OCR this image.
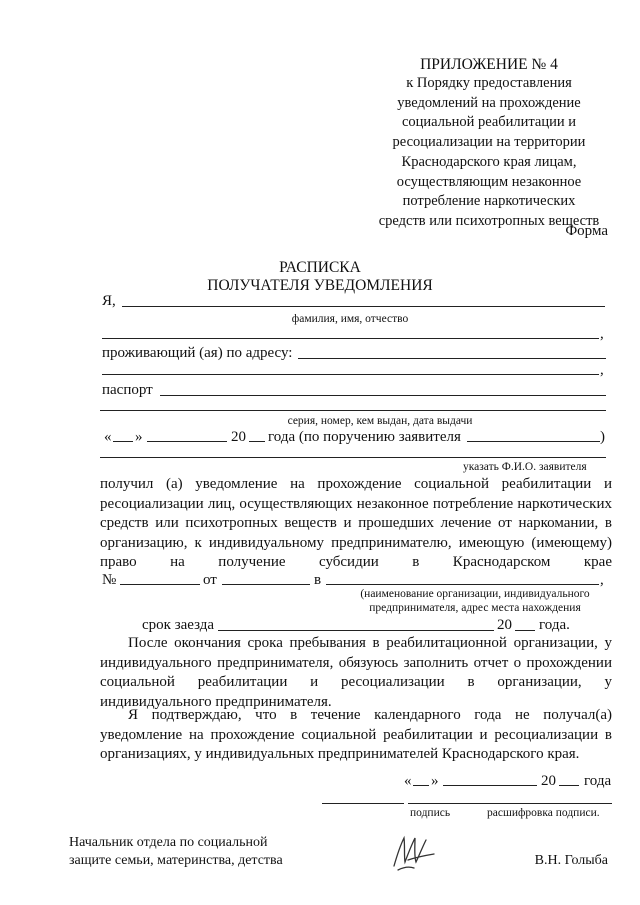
ПРИЛОЖЕНИЕ № 4
к Порядку предоставления
уведомлений на прохождение
социальной реабилитации и
ресоциализации на территории
Краснодарского края лицам,
осуществляющим незаконное
потребление наркотических
средств или психотропных веществ
Форма
РАСПИСКА
ПОЛУЧАТЕЛЯ УВЕДОМЛЕНИЯ
Я,
фамилия, имя, отчество
,
проживающий (ая) по адресу:
,
паспорт
серия, номер, кем выдан, дата выдачи
« »	20 года (по поручению заявителя	)
указать Ф.И.О. заявителя
получил (а) уведомление на прохождение социальной реабилитации и
ресоциализации лиц, осуществляющих незаконное потребление наркотических
средств или психотропных веществ и прошедших лечение от наркомании, в
организацию, к индивидуальному предпринимателю, имеющую (имеющему)
право на получение субсидии в Краснодарском крае
№	от	в	,
(наименование организации, индивидуального
предпринимателя, адрес места нахождения
срок заезда	20 года.
После окончания срока пребывания в реабилитационной организации, у
индивидуального предпринимателя, обязуюсь заполнить отчет о прохождении
социальной реабилитации и ресоциализации в организации, у
индивидуального предпринимателя.
Я подтверждаю, что в течение календарного года не получал(а)
уведомление на прохождение социальной реабилитации и ресоциализации в
организациях, у индивидуальных предпринимателей Краснодарского края.
« »	20 года
подпись	расшифровка подписи.
Начальник отдела по социальной
защите семьи, материнства, детства	В.Н. Голыба
